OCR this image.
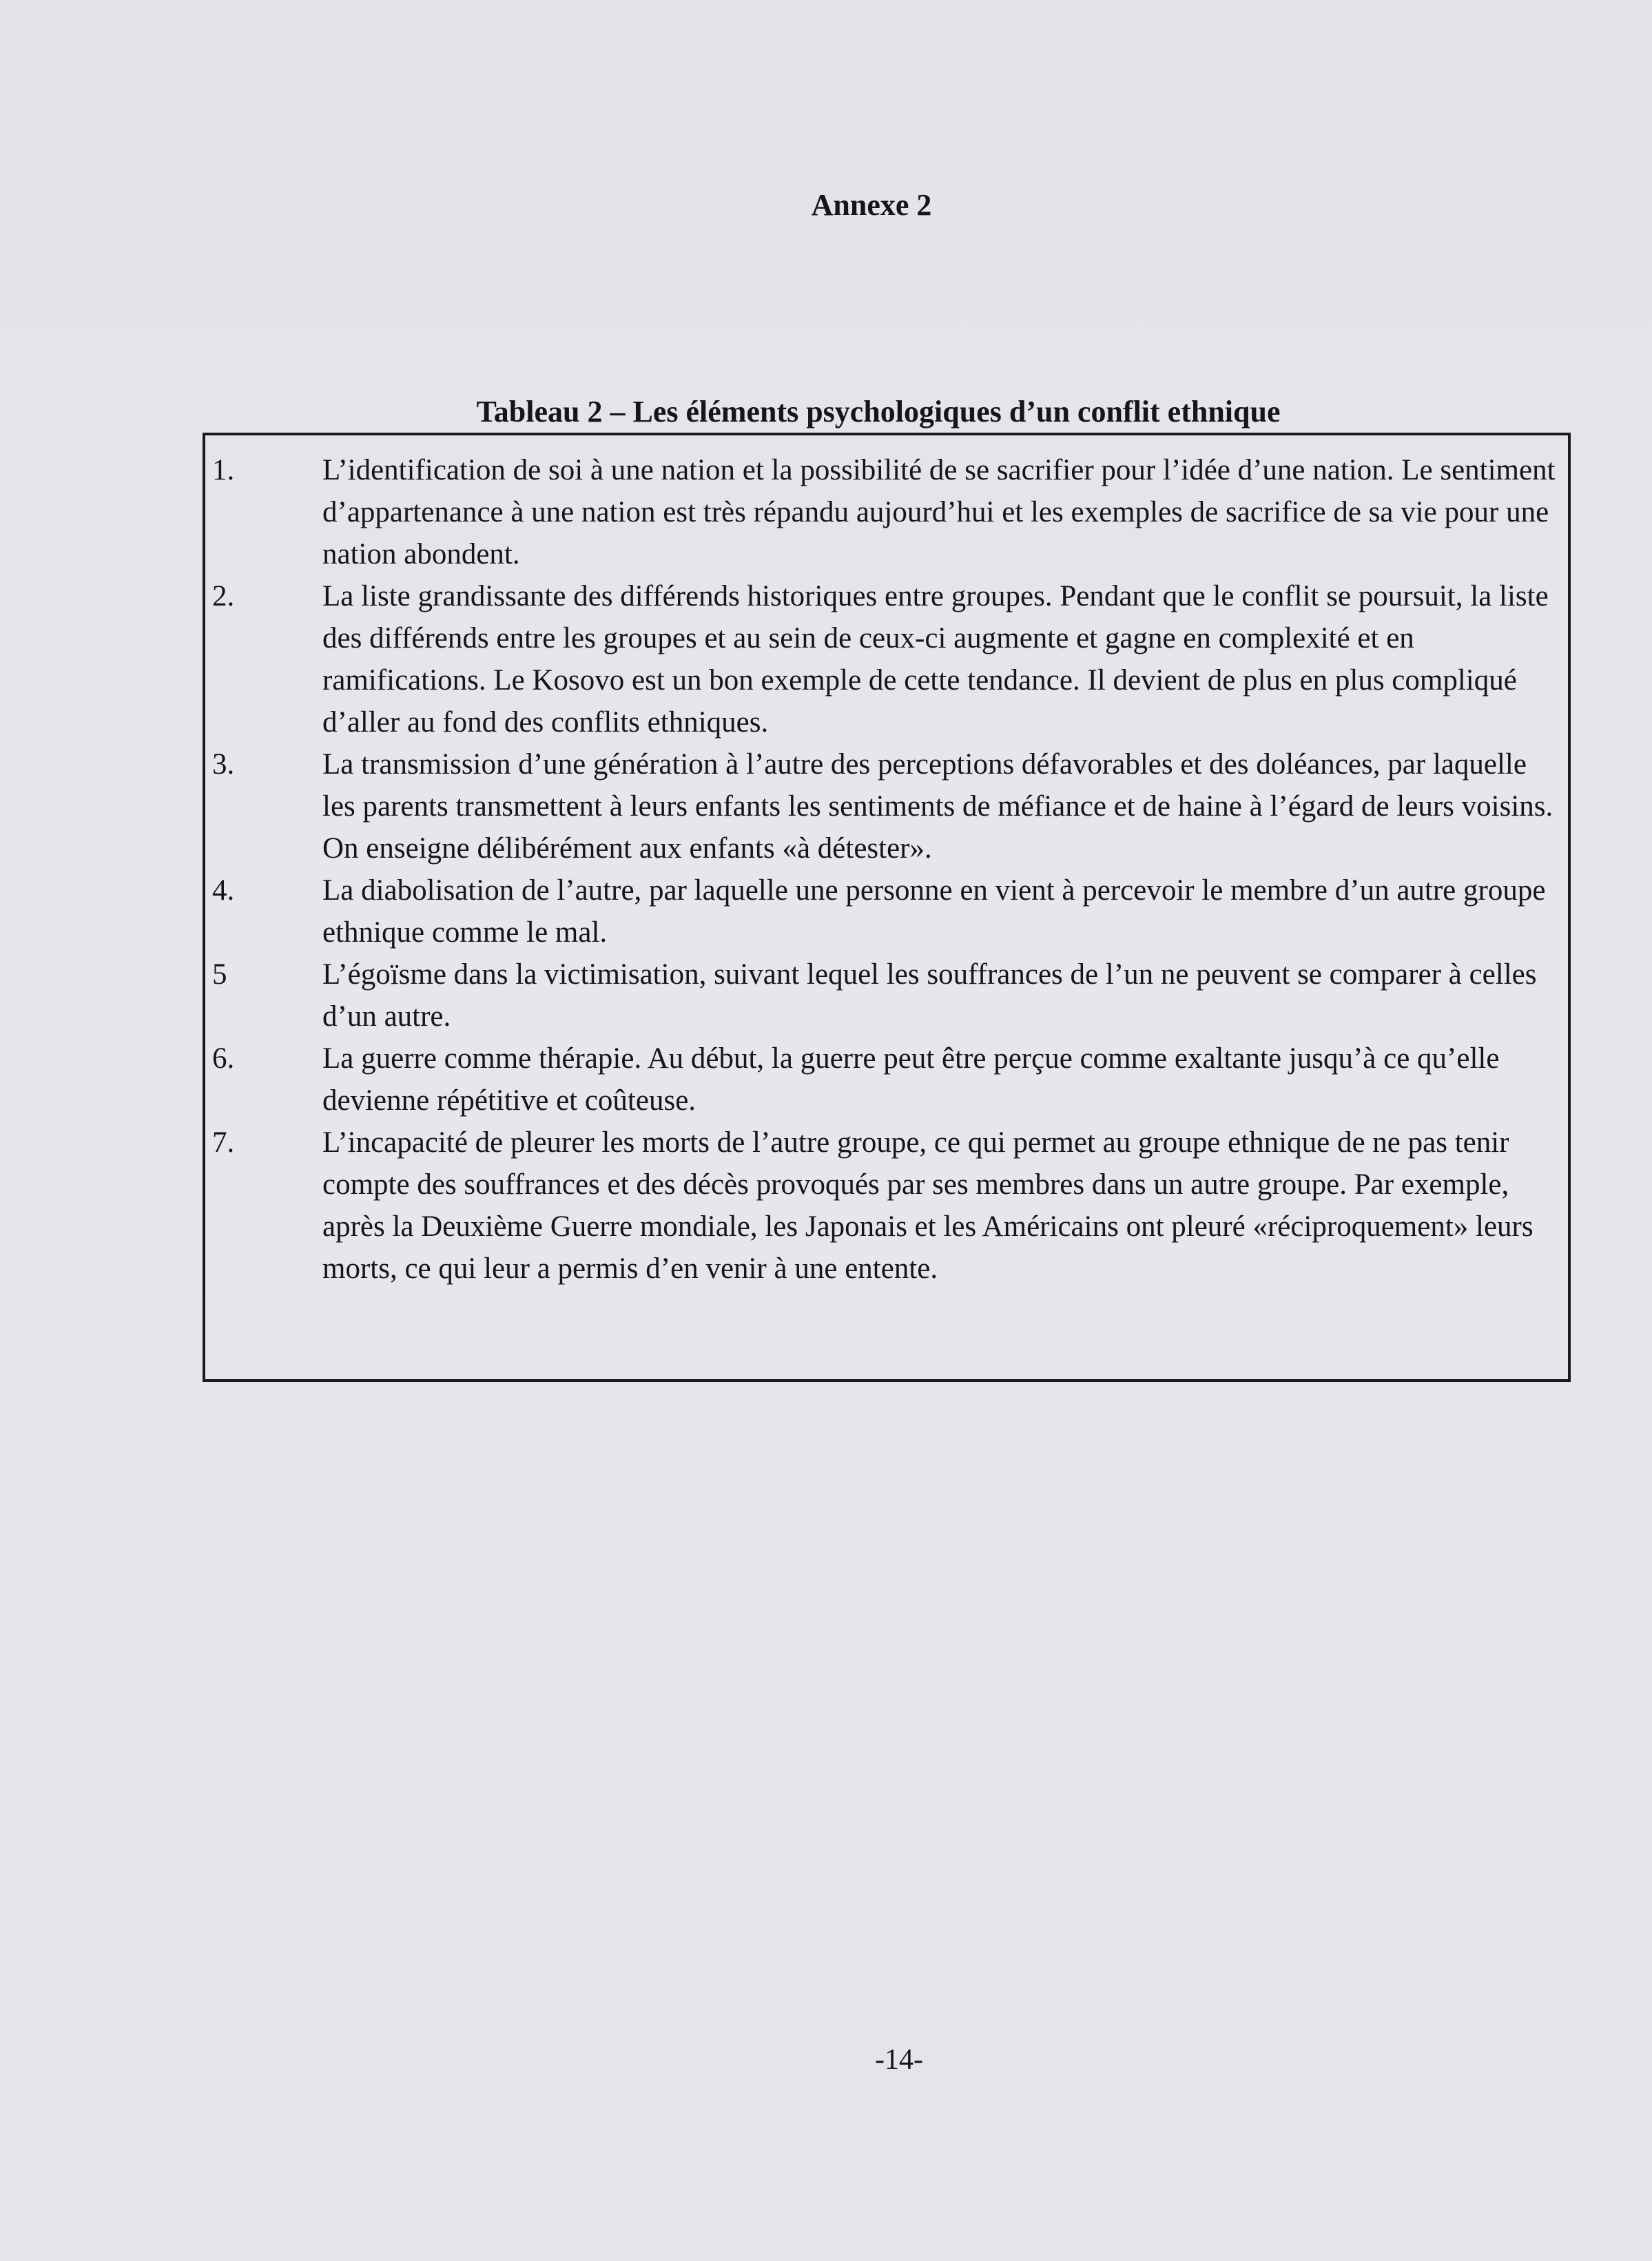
Annexe 2
Tableau 2 – Les éléments psychologiques d’un conflit ethnique
1.	L’identification de soi à une nation et la possibilité de se sacrifier pour l’idée d’une nation. Le sentiment d’appartenance à une nation est très répandu aujourd’hui et les exemples de sacrifice de sa vie pour une nation abondent.
2.	La liste grandissante des différends historiques entre groupes. Pendant que le conflit se poursuit, la liste des différends entre les groupes et au sein de ceux-ci augmente et gagne en complexité et en ramifications. Le Kosovo est un bon exemple de cette tendance. Il devient de plus en plus compliqué d’aller au fond des conflits ethniques.
3.	La transmission d’une génération à l’autre des perceptions défavorables et des doléances, par laquelle les parents transmettent à leurs enfants les sentiments de méfiance et de haine à l’égard de leurs voisins. On enseigne délibérément aux enfants «à détester».
4.	La diabolisation de l’autre, par laquelle une personne en vient à percevoir le membre d’un autre groupe ethnique comme le mal.
5	L’égoïsme dans la victimisation, suivant lequel les souffrances de l’un ne peuvent se comparer à celles d’un autre.
6.	La guerre comme thérapie. Au début, la guerre peut être perçue comme exaltante jusqu’à ce qu’elle devienne répétitive et coûteuse.
7.	L’incapacité de pleurer les morts de l’autre groupe, ce qui permet au groupe ethnique de ne pas tenir compte des souffrances et des décès provoqués par ses membres dans un autre groupe. Par exemple, après la Deuxième Guerre mondiale, les Japonais et les Américains ont pleuré «réciproquement» leurs morts, ce qui leur a permis d’en venir à une entente.
-14-
